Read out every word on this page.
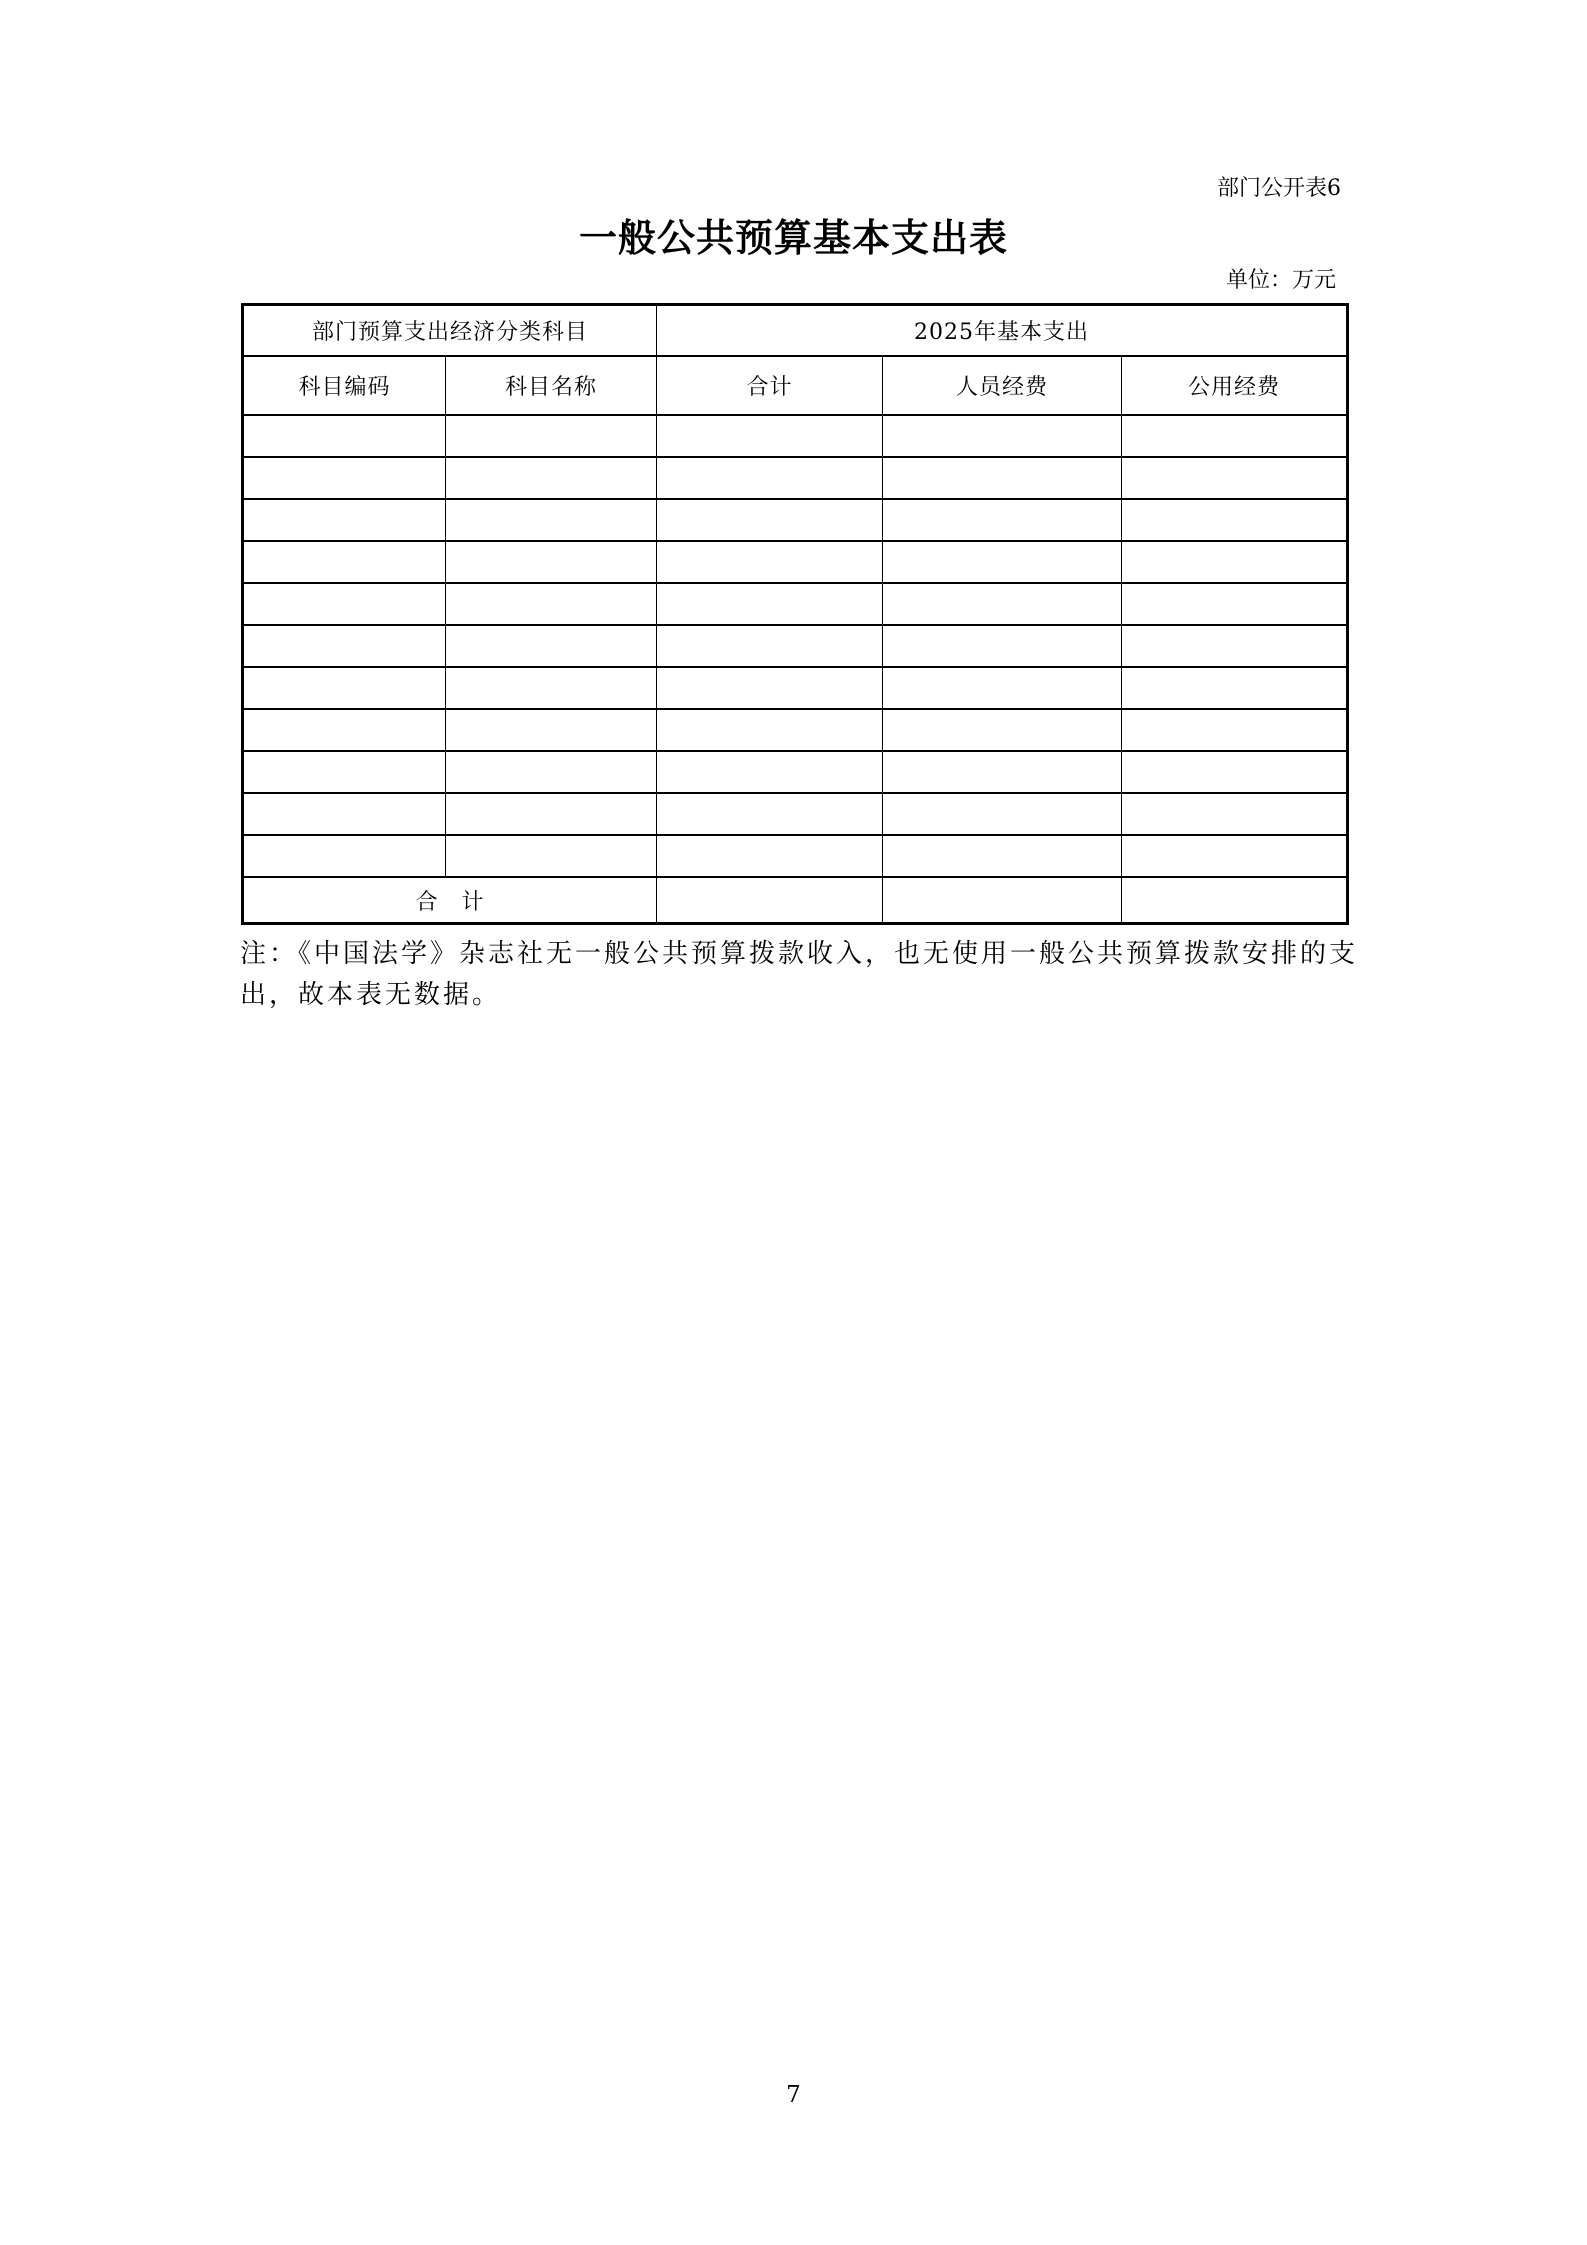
部门公开表6
一般公共预算基本支出表
单位：万元
部门预算支出经济分类科目		2025年基本支出		
科目编码	科目名称	合计	人员经费	公用经费

合　计				

注：《中国法学》杂志社无一般公共预算拨款收入，也无使用一般公共预算拨款安排的支
出，故本表无数据。

7
